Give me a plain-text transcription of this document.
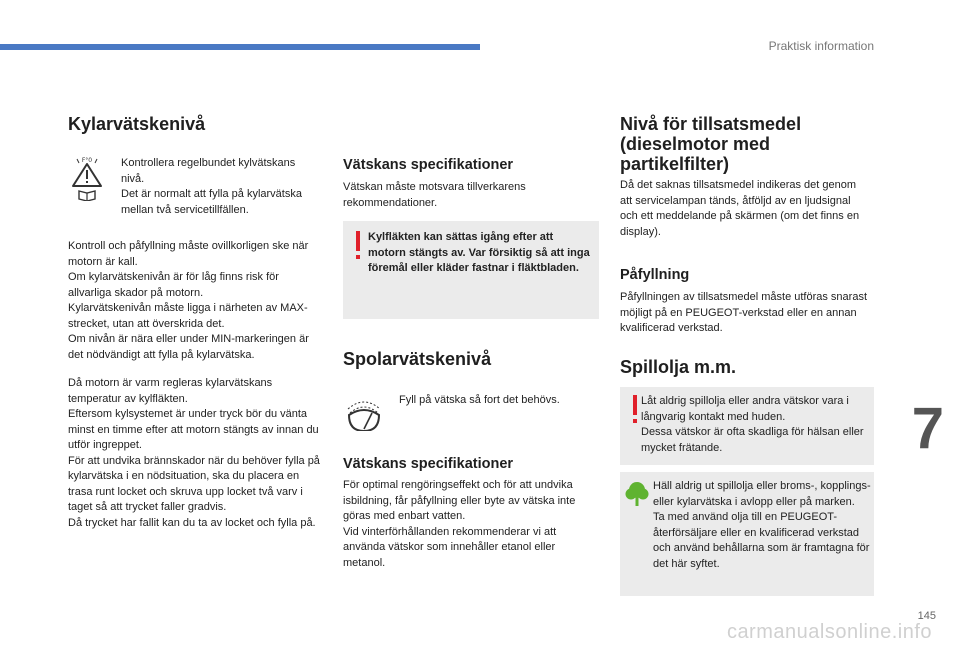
Praktisk information
7
145
carmanualsonline.info
Kylarvätskenivå
F°0	Kontrollera regelbundet kylvätskans nivå.
Det är normalt att fylla på kylarvätska mellan två servicetillfällen.

Kontroll och påfyllning måste ovillkorligen ske när motorn är kall.
Om kylarvätskenivån är för låg finns risk för allvarliga skador på motorn.
Kylarvätskenivån måste ligga i närheten av MAX-strecket, utan att överskrida det.
Om nivån är nära eller under MIN-markeringen är det nödvändigt att fylla på kylarvätska.

Då motorn är varm regleras kylarvätskans temperatur av kylfläkten.
Eftersom kylsystemet är under tryck bör du vänta minst en timme efter att motorn stängts av innan du utför ingreppet.
För att undvika brännskador när du behöver fylla på kylarvätska i en nödsituation, ska du placera en trasa runt locket och skruva upp locket två varv i taget så att trycket faller gradvis.
Då trycket har fallit kan du ta av locket och fylla på.

Vätskans specifikationer

Vätskan måste motsvara tillverkarens rekommendationer.

Kylfläkten kan sättas igång efter att motorn stängts av. Var försiktig så att inga föremål eller kläder fastnar i fläktbladen.

Spolarvätskenivå

Fyll på vätska så fort det behövs.

Vätskans specifikationer

För optimal rengöringseffekt och för att undvika isbildning, får påfyllning eller byte av vätska inte göras med enbart vatten.
Vid vinterförhållanden rekommenderar vi att använda vätskor som innehåller etanol eller metanol.

Nivå för tillsatsmedel (dieselmotor med partikelfilter)

Då det saknas tillsatsmedel indikeras det genom att servicelampan tänds, åtföljd av en ljudsignal och ett meddelande på skärmen (om det finns en display).

Påfyllning

Påfyllningen av tillsatsmedel måste utföras snarast möjligt på en PEUGEOT-verkstad eller en annan kvalificerad verkstad.

Spillolja m.m.

Låt aldrig spillolja eller andra vätskor vara i långvarig kontakt med huden.
Dessa vätskor är ofta skadliga för hälsan eller mycket frätande.

Häll aldrig ut spillolja eller broms-, kopplings- eller kylarvätska i avlopp eller på marken.
Ta med använd olja till en PEUGEOT-återförsäljare eller en kvalificerad verkstad och använd behållarna som är framtagna för det här syftet.
